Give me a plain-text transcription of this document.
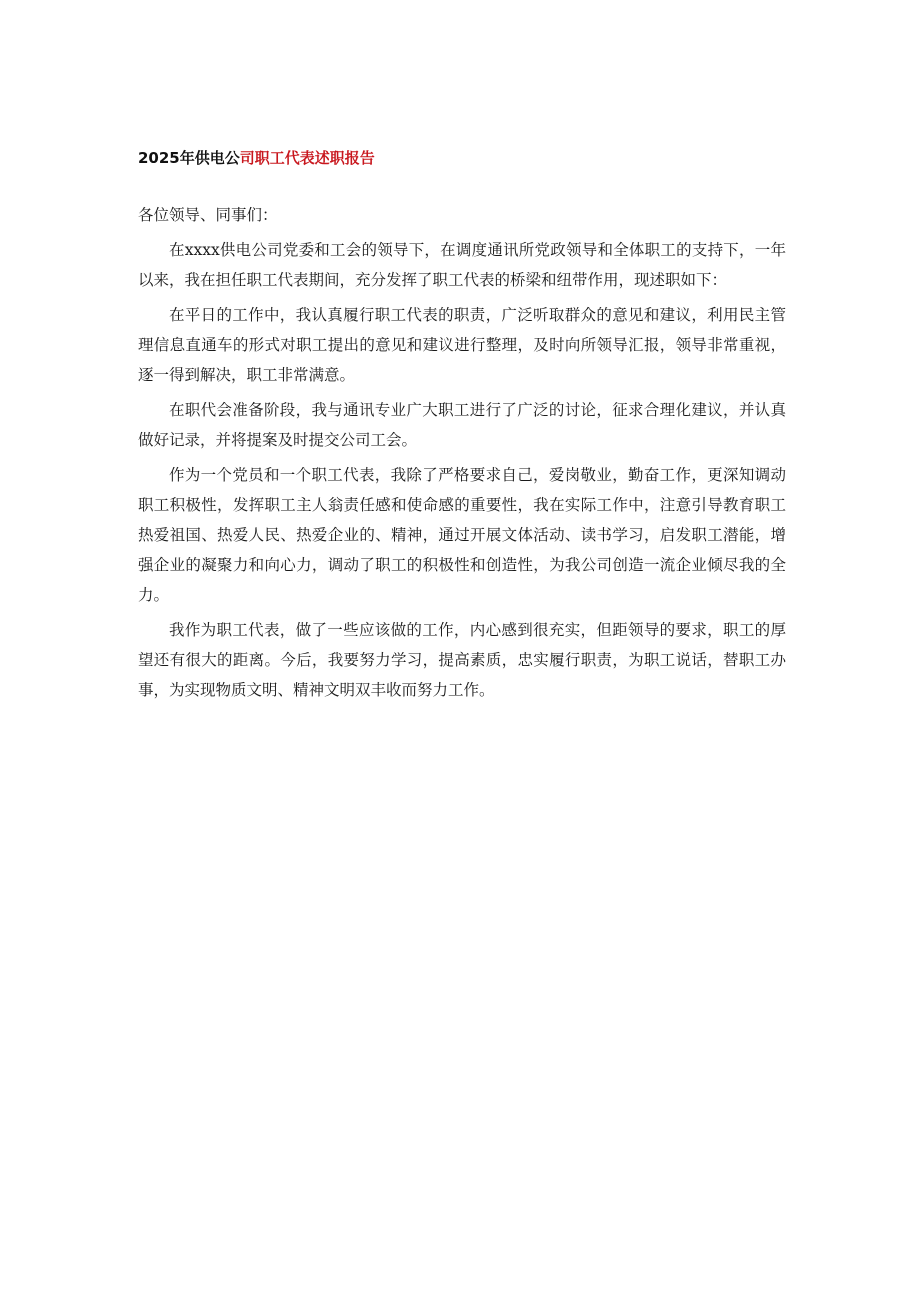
2025年供电公司职工代表述职报告

各位领导、同事们：

在xxxx供电公司党委和工会的领导下，在调度通讯所党政领导和全体职工的支持下，一年以来，我在担任职工代表期间，充分发挥了职工代表的桥梁和纽带作用，现述职如下：

在平日的工作中，我认真履行职工代表的职责，广泛听取群众的意见和建议，利用民主管理信息直通车的形式对职工提出的意见和建议进行整理，及时向所领导汇报，领导非常重视，逐一得到解决，职工非常满意。

在职代会准备阶段，我与通讯专业广大职工进行了广泛的讨论，征求合理化建议，并认真做好记录，并将提案及时提交公司工会。

作为一个党员和一个职工代表，我除了严格要求自己，爱岗敬业，勤奋工作，更深知调动职工积极性，发挥职工主人翁责任感和使命感的重要性，我在实际工作中，注意引导教育职工热爱祖国、热爱人民、热爱企业的、精神，通过开展文体活动、读书学习，启发职工潜能，增强企业的凝聚力和向心力，调动了职工的积极性和创造性，为我公司创造一流企业倾尽我的全力。

我作为职工代表，做了一些应该做的工作，内心感到很充实，但距领导的要求，职工的厚望还有很大的距离。今后，我要努力学习，提高素质，忠实履行职责，为职工说话，替职工办事，为实现物质文明、精神文明双丰收而努力工作。
